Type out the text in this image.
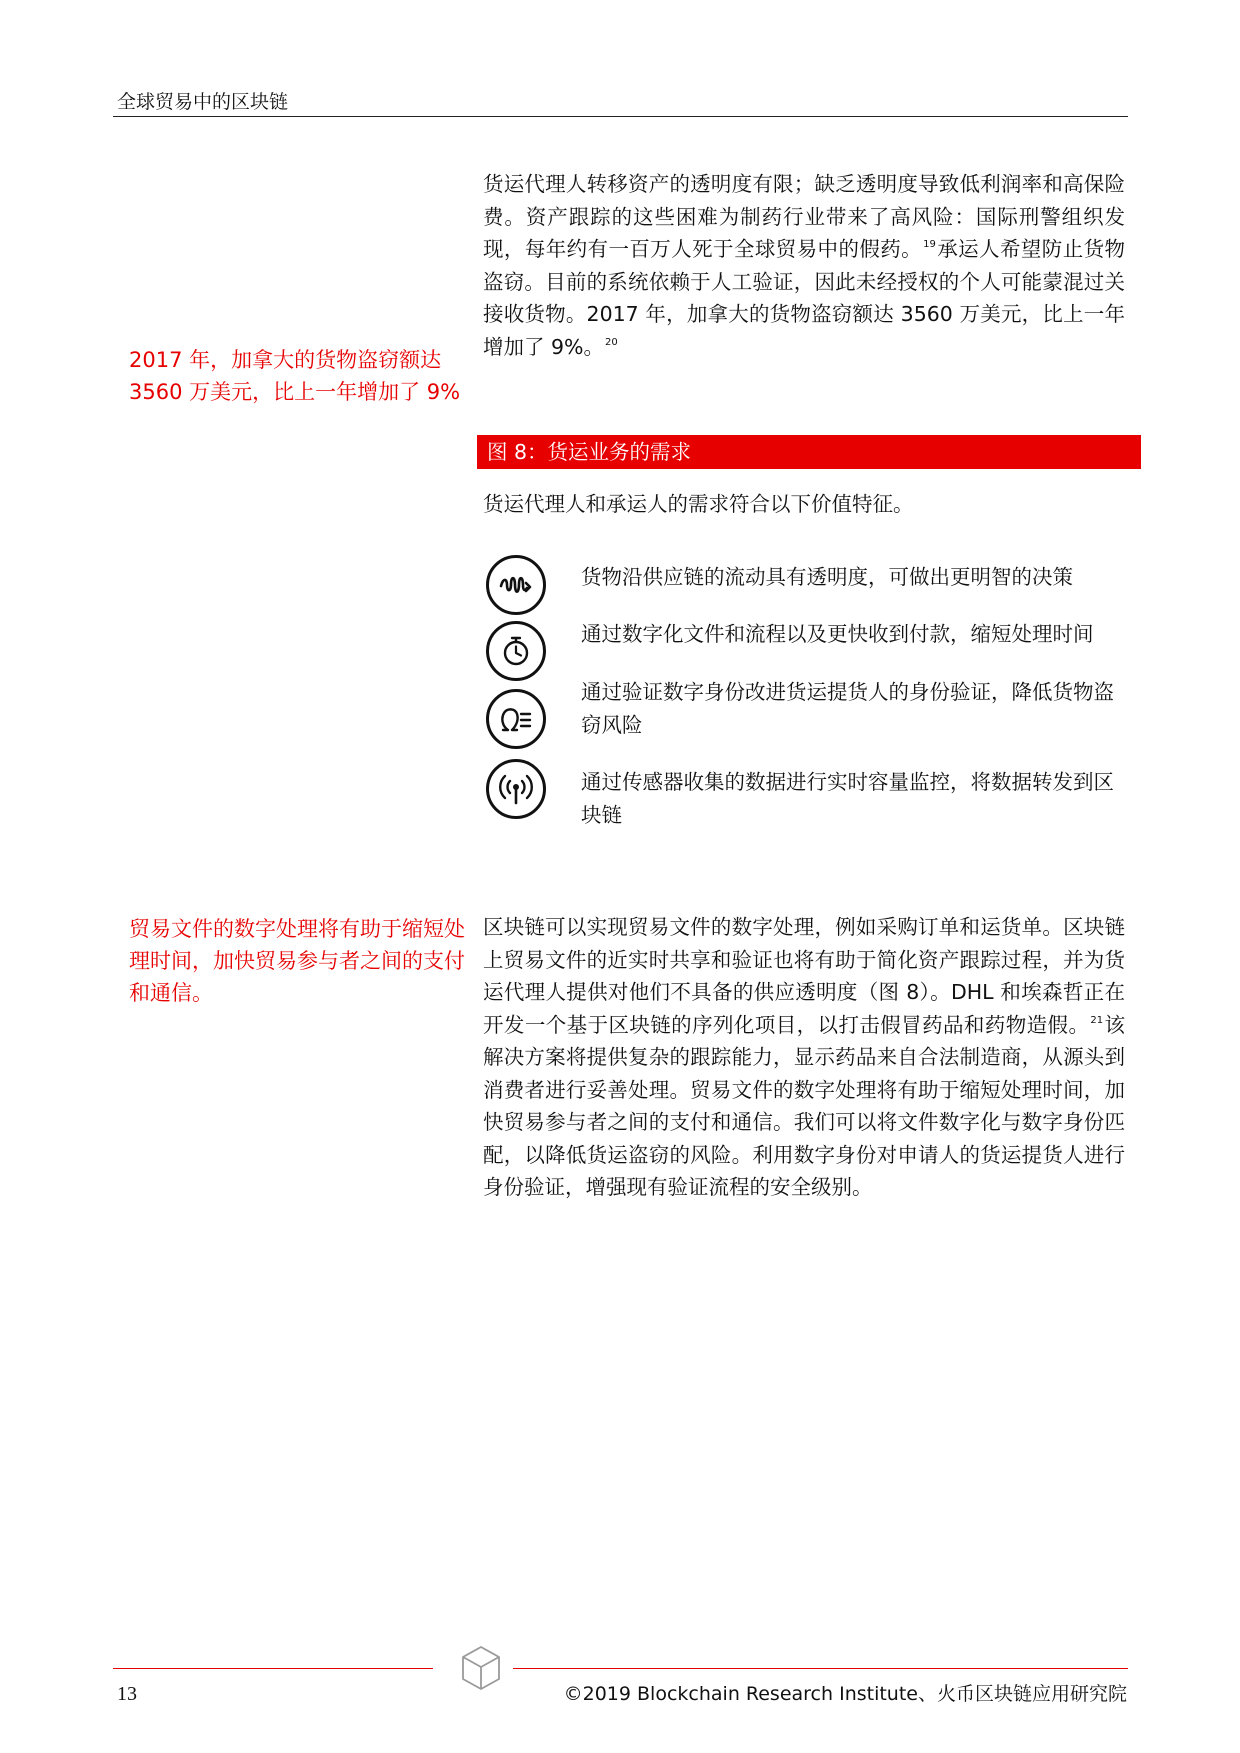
全球贸易中的区块链
货运代理人转移资产的透明度有限；缺乏透明度导致低利润率和高保险费。资产跟踪的这些困难为制药行业带来了高风险：国际刑警组织发现，每年约有一百万人死于全球贸易中的假药。$^{19}$承运人希望防止货物盗窃。目前的系统依赖于人工验证，因此未经授权的个人可能蒙混过关接收货物。2017 年，加拿大的货物盗窃额达 3560 万美元，比上一年增加了 9%。$^{20}$
2017 年，加拿大的货物盗窃额达 3560 万美元，比上一年增加了 9%
图 8：货运业务的需求
货运代理人和承运人的需求符合以下价值特征。
货物沿供应链的流动具有透明度，可做出更明智的决策
通过数字化文件和流程以及更快收到付款，缩短处理时间
通过验证数字身份改进货运提货人的身份验证，降低货物盗窃风险
通过传感器收集的数据进行实时容量监控，将数据转发到区块链
贸易文件的数字处理将有助于缩短处理时间，加快贸易参与者之间的支付和通信。
区块链可以实现贸易文件的数字处理，例如采购订单和运货单。区块链上贸易文件的近实时共享和验证也将有助于简化资产跟踪过程，并为货运代理人提供对他们不具备的供应透明度（图 8）。DHL 和埃森哲正在开发一个基于区块链的序列化项目，以打击假冒药品和药物造假。$^{21}$该解决方案将提供复杂的跟踪能力，显示药品来自合法制造商，从源头到消费者进行妥善处理。贸易文件的数字处理将有助于缩短处理时间，加快贸易参与者之间的支付和通信。我们可以将文件数字化与数字身份匹配，以降低货运盗窃的风险。利用数字身份对申请人的货运提货人进行身份验证，增强现有验证流程的安全级别。
13	©2019 Blockchain Research Institute、火币区块链应用研究院
